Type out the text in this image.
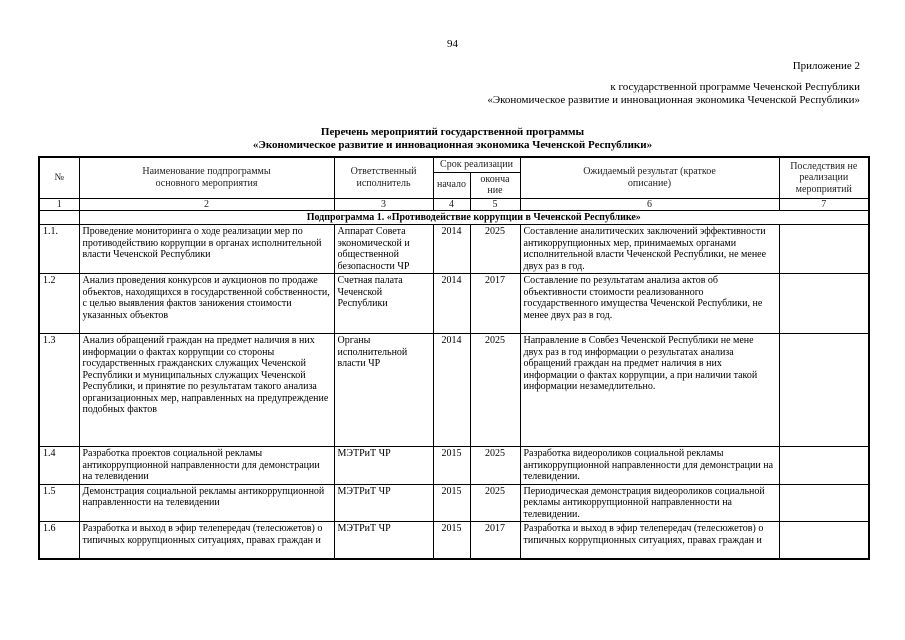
94
Приложение 2
к государственной программе Чеченской Республики
«Экономическое развитие и инновационная экономика Чеченской Республики»
Перечень мероприятий государственной программы
«Экономическое развитие и инновационная экономика Чеченской Республики»
№	Наименование подпрограммы основного мероприятия	Ответственный исполнитель	Срок реализации		Ожидаемый результат (краткое описание)	Последствия не реализации мероприятий
			начало	оконча ние		
1	2	3	4	5	6	7
	Подпрограмма 1. «Противодействие коррупции в Чеченской Республике»					
1.1.	Проведение мониторинга о ходе реализации мер по противодействию коррупции в органах исполнительной власти Чеченской Республики	Аппарат Совета экономической и общественной безопасности ЧР	2014	2025	Составление аналитических заключений эффективности антикоррупционных мер, принимаемых органами исполнительной власти Чеченской Республики, не менее двух раз в год.	
1.2	Анализ проведения конкурсов и аукционов по продаже объектов, находящихся в государственной собственности, с целью выявления фактов занижения стоимости указанных объектов	Счетная палата Чеченской Республики	2014	2017	Составление по результатам анализа актов об объективности стоимости реализованного государственного имущества Чеченской Республики, не менее двух раз в год.	
1.3	Анализ обращений граждан на предмет наличия в них информации о фактах коррупции со стороны государственных гражданских служащих Чеченской Республики и муниципальных служащих Чеченской Республики, и принятие по результатам такого анализа организационных мер, направленных на предупреждение подобных фактов	Органы исполнительной власти ЧР	2014	2025	Направление в Совбез Чеченской Республики не мене двух раз в год информации о результатах анализа обращений граждан на предмет наличия в них информации о фактах коррупции, а при наличии такой информации незамедлительно.	
1.4	Разработка проектов социальной рекламы антикоррупционной направленности для демонстрации на телевидении	МЭТРиТ ЧР	2015	2025	Разработка видеороликов социальной рекламы антикоррупционной направленности для демонстрации на телевидении.	
1.5	Демонстрация социальной рекламы антикоррупционной направленности на телевидении	МЭТРиТ ЧР	2015	2025	Периодическая демонстрация видеороликов социальной рекламы антикоррупционной направленности на телевидении.	
1.6	Разработка и выход в эфир телепередач (телесюжетов) о типичных коррупционных ситуациях, правах граждан и	МЭТРиТ ЧР	2015	2017	Разработка и выход в эфир телепередач (телесюжетов) о типичных коррупционных ситуациях, правах граждан и	
